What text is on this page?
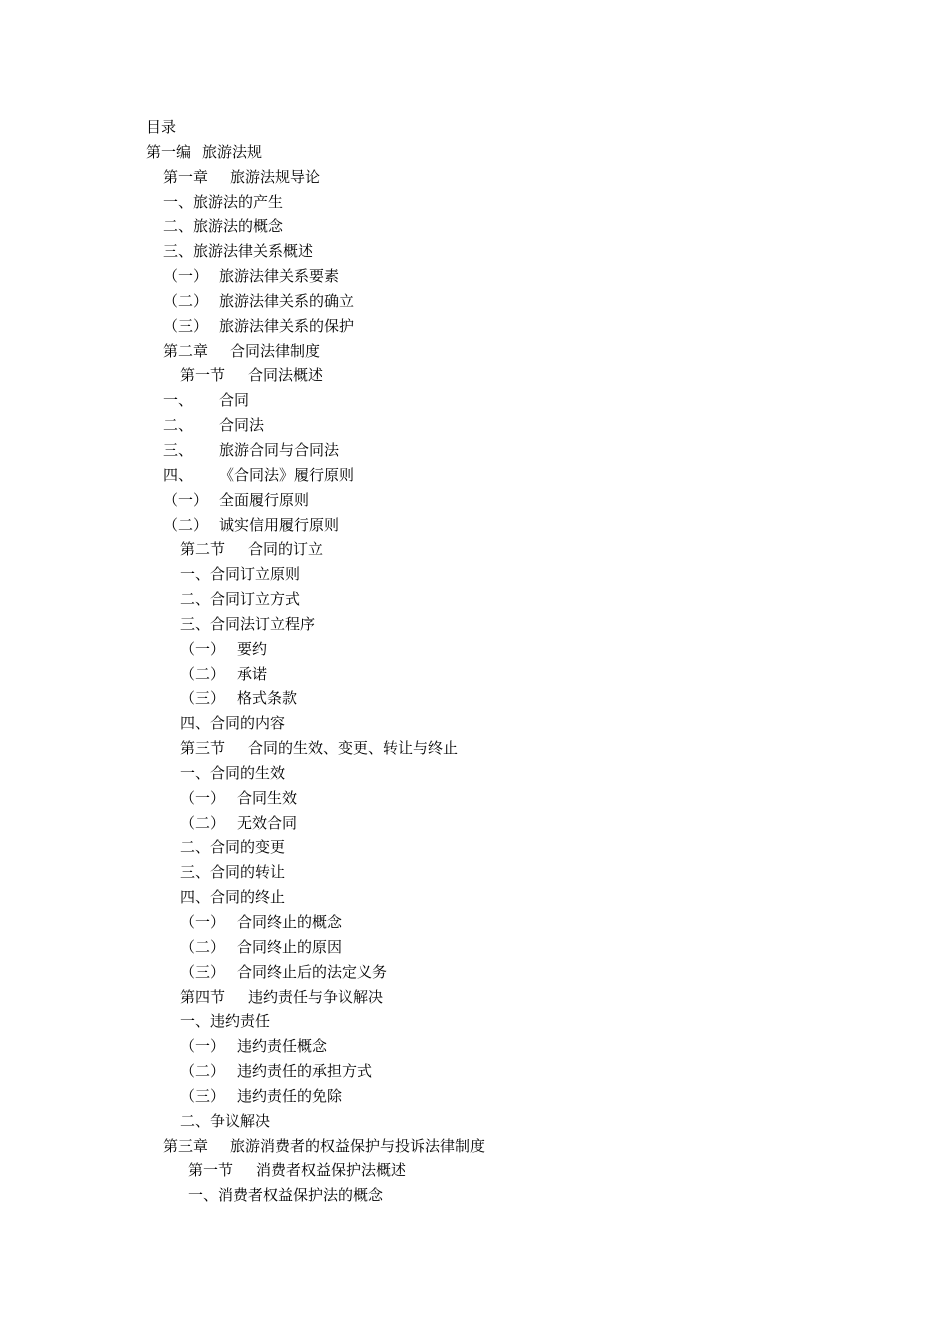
目录
第一编 旅游法规
第一章 旅游法规导论
一、旅游法的产生
二、旅游法的概念
三、旅游法律关系概述
（一） 旅游法律关系要素
（二） 旅游法律关系的确立
（三） 旅游法律关系的保护
第二章 合同法律制度
第一节 合同法概述
一、 合同
二、 合同法
三、 旅游合同与合同法
四、 《合同法》履行原则
（一） 全面履行原则
（二） 诚实信用履行原则
第二节 合同的订立
一、合同订立原则
二、合同订立方式
三、合同法订立程序
（一） 要约
（二） 承诺
（三） 格式条款
四、合同的内容
第三节 合同的生效、变更、转让与终止
一、合同的生效
（一） 合同生效
（二） 无效合同
二、合同的变更
三、合同的转让
四、合同的终止
（一） 合同终止的概念
（二） 合同终止的原因
（三） 合同终止后的法定义务
第四节 违约责任与争议解决
一、违约责任
（一） 违约责任概念
（二） 违约责任的承担方式
（三） 违约责任的免除
二、争议解决
第三章 旅游消费者的权益保护与投诉法律制度
第一节 消费者权益保护法概述
一、消费者权益保护法的概念
